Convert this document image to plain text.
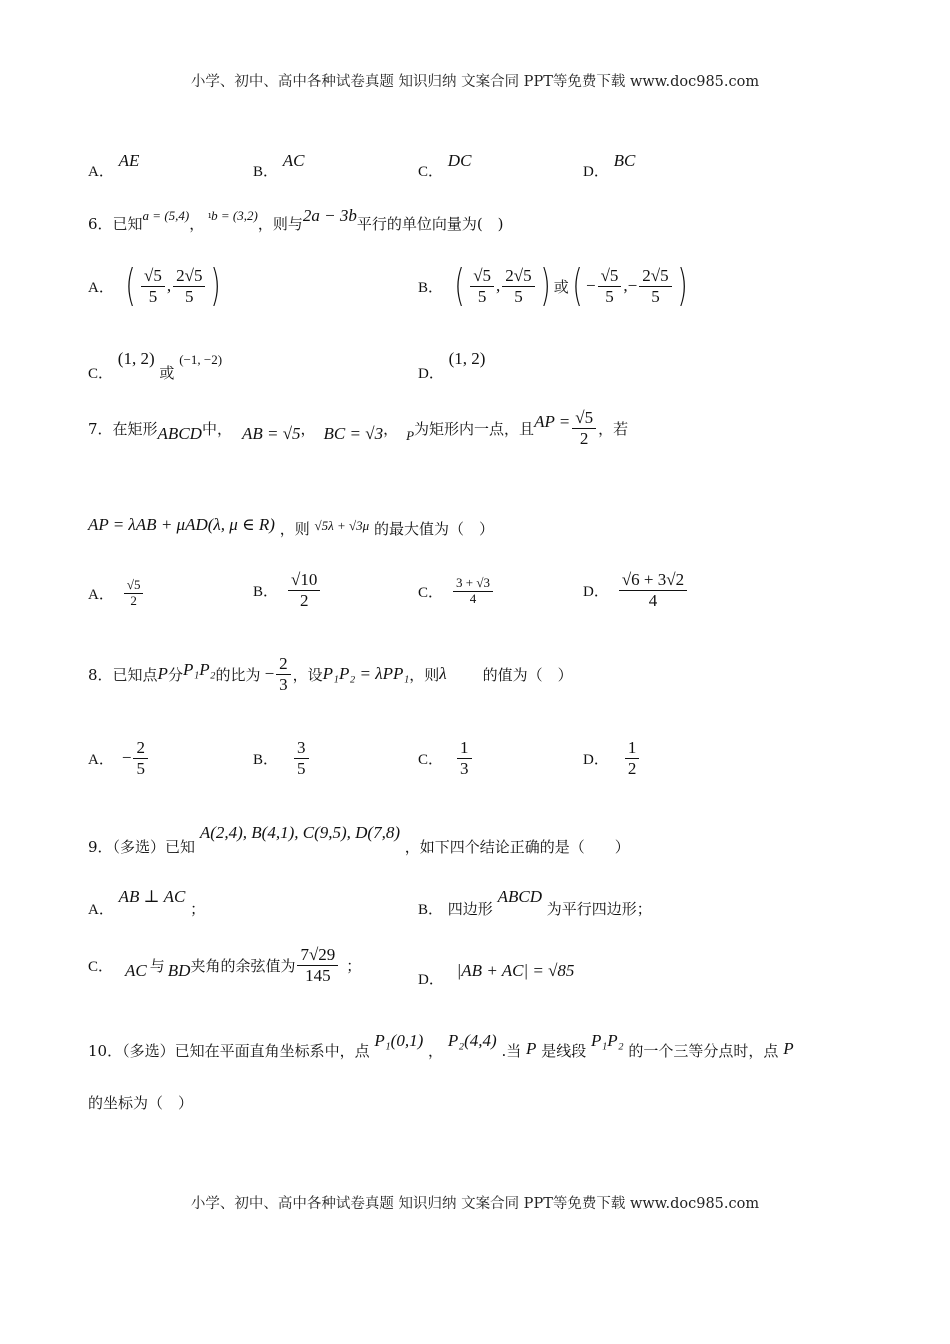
小学、初中、高中各种试卷真题 知识归纳 文案合同 PPT等免费下载 www.doc985.com
A． AE
B． AC
C． DC
D． BC
6．已知 a = (5,4) ， ı b = (3,2) ，则与 2a − 3b 平行的单位向量为(　)
A． ( $\frac{√5}{5}$ , $\frac{2√5}{5}$ )	B． ( $\frac{√5}{5}$ , $\frac{2√5}{5}$ ) 或 ( − $\frac{√5}{5}$ , − $\frac{2√5}{5}$ )
C． (1, 2) 或 (−1, −2)
D． (1, 2)
7．在矩形 ABCD 中， AB = √5 ， BC = √3 ， P 为矩形内一点，且 AP = $\frac{√5}{2}$ ，若
AP = λAB + μAD(λ, μ ∈ R) ，则 √5λ + √3μ 的最大值为（　）
A． $\frac{√5}{2}$	B． $\frac{√10}{2}$	C． $\frac{3 + √3}{4}$	D． $\frac{√6 + 3√2}{4}$
8．已知点 P 分 P₁P₂ 的比为 − $\frac{2}{3}$ ，设 P₁P₂ = λPP₁ ，则 λ 的值为（　）
A． − $\frac{2}{5}$	B． $\frac{3}{5}$	C． $\frac{1}{3}$	D． $\frac{1}{2}$
9．（多选）已知 A(2,4), B(4,1), C(9,5), D(7,8) ，如下四个结论正确的是（　　）
A． AB ⊥ AC ；	B． 四边形 ABCD 为平行四边形；
C． AC 与 BD 夹角的余弦值为 $\frac{7√29}{145}$ ；
D． |AB + AC| = √85
10．（多选）已知在平面直角坐标系中，点 P₁(0,1) ， P₂(4,4) .当 P 是线段 P₁P₂ 的一个三等分点时，点 P
的坐标为（　）
小学、初中、高中各种试卷真题 知识归纳 文案合同 PPT等免费下载 www.doc985.com
